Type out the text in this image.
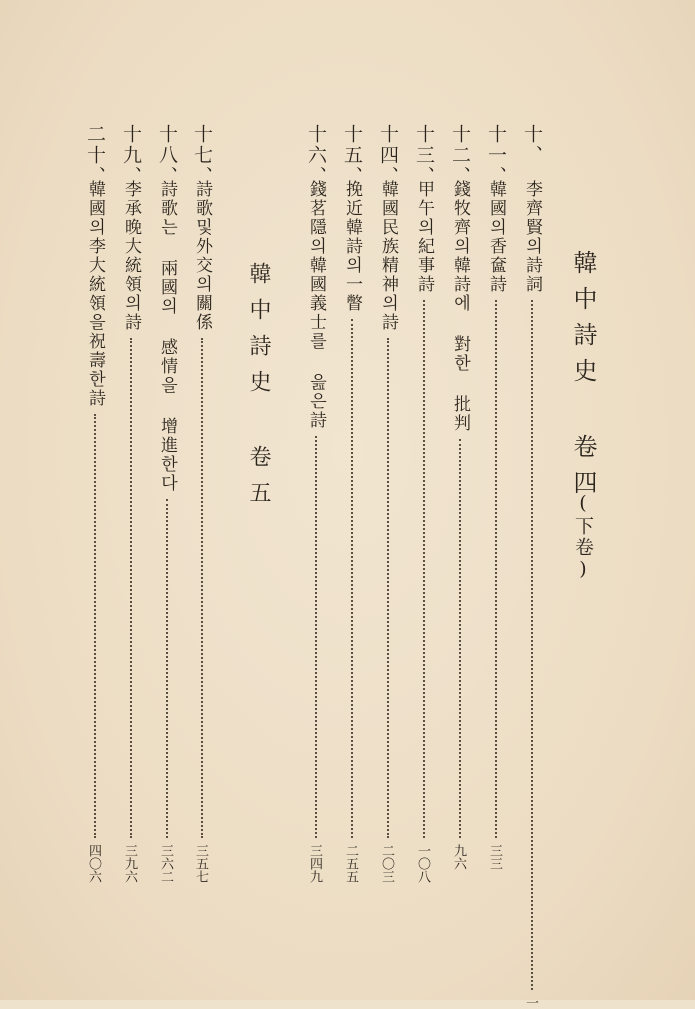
韓中詩史 卷四
(下卷)
十、
李齊賢의詩詞
一
十一、
韓國의香奩詩
三三
十二、
錢牧齊의韓詩에 對한 批判
九六
十三、
甲午의紀事詩
一〇八
十四、
韓國民族精神의詩
二〇三
十五、
挽近韓詩의一瞥
二五五
十六、
錢茗隱의韓國義士를 읊은詩
三四九
韓中詩史 卷五
十七、
詩歌및外交의關係
三五七
十八、
詩歌는 兩國의 感情을 增進한다
三六二
十九、
李承晚大統領의詩
三九六
二十、
韓國의李大統領을祝壽한詩
四〇六
